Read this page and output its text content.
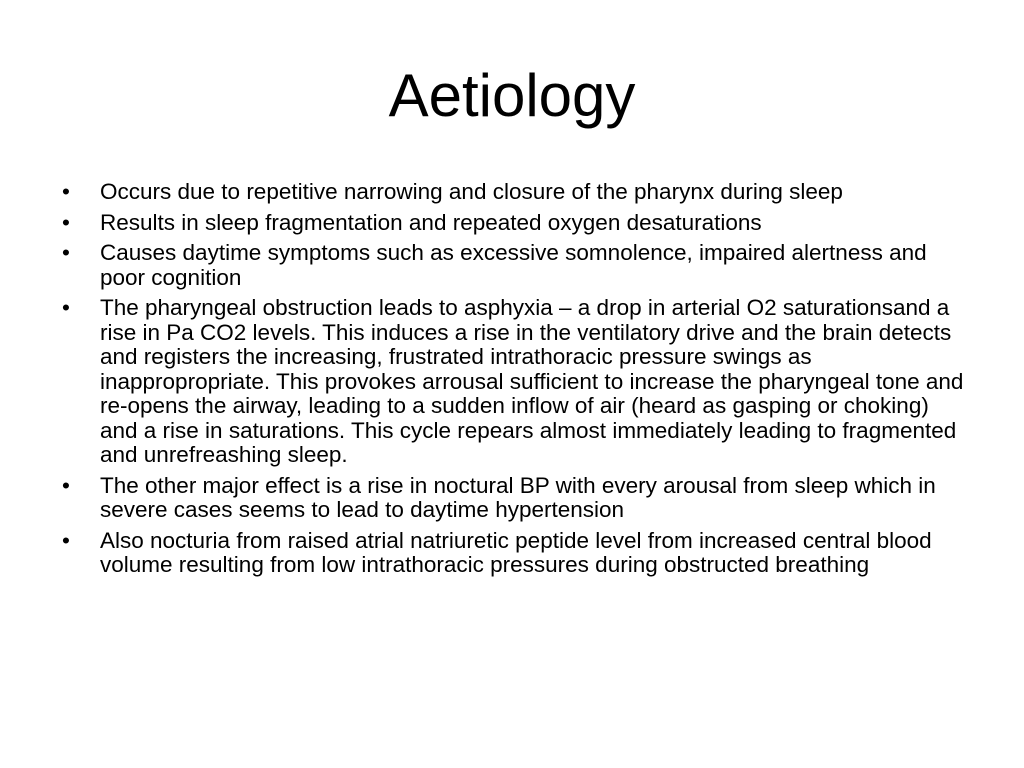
Aetiology
•	Occurs due to repetitive narrowing and closure of the pharynx during sleep
•	Results in sleep fragmentation and repeated oxygen desaturations
•	Causes daytime symptoms such as excessive somnolence, impaired alertness and poor cognition
•	The pharyngeal obstruction leads to asphyxia – a drop in arterial O2 saturationsand a rise in Pa CO2 levels. This induces a rise in the ventilatory drive and the brain detects and registers the increasing, frustrated intrathoracic pressure swings as inappropropriate. This provokes arrousal sufficient to increase the pharyngeal tone and re-opens the airway, leading to a sudden inflow of air (heard as gasping or choking) and a rise in saturations. This cycle repears almost immediately leading to fragmented and unrefreashing sleep.
•	The other major effect is a rise in noctural BP with every arousal from sleep which in severe cases seems to lead to daytime hypertension
•	Also nocturia from raised atrial natriuretic peptide level from increased central blood volume resulting from low intrathoracic pressures during obstructed breathing
